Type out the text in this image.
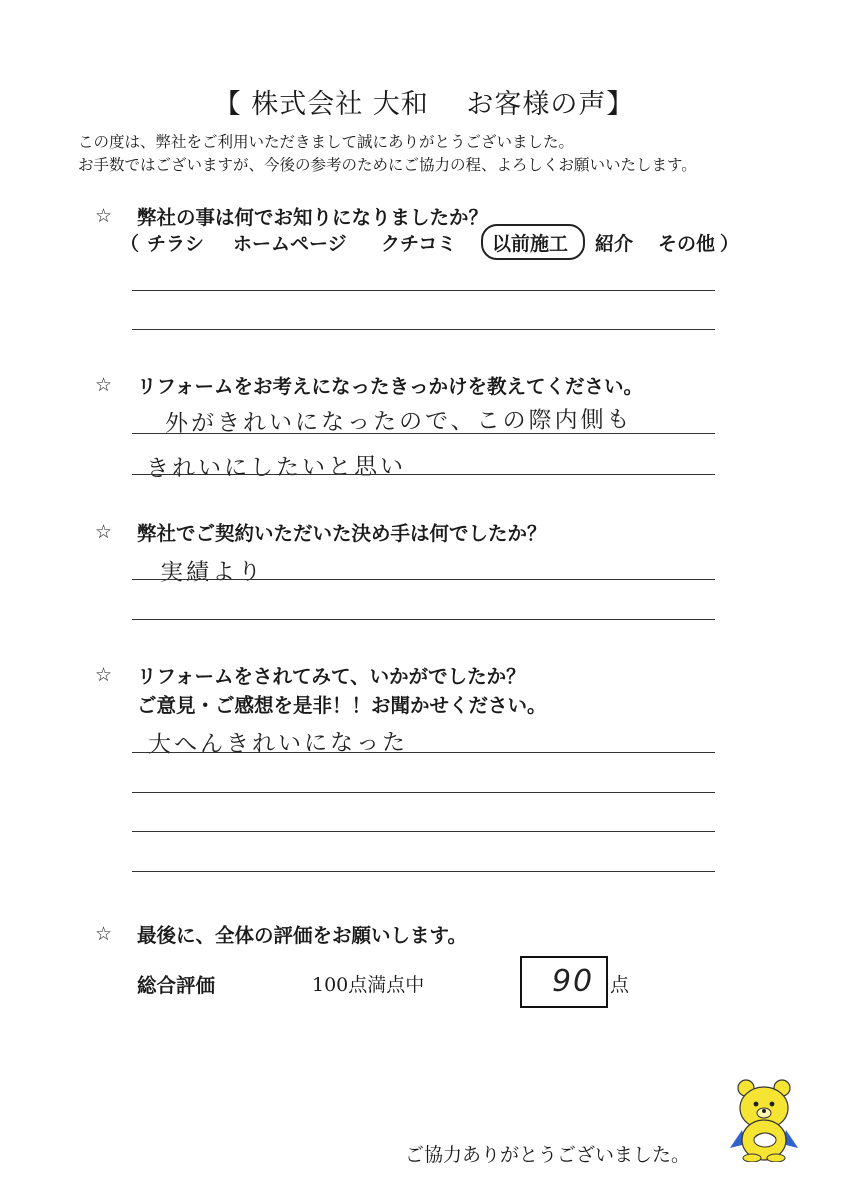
【 株式会社 大和　 お客様の声】
この度は、弊社をご利用いただきまして誠にありがとうございました。
お手数ではございますが、今後の参考のためにご協力の程、よろしくお願いいたします。
☆ 弊社の事は何でお知りになりましたか？
（ チラシ ホームページ クチコミ 以前施工 紹介 その他 ）
☆ リフォームをお考えになったきっかけを教えてください。
外がきれいになったので、この際内側も
きれいにしたいと思い
☆ 弊社でご契約いただいた決め手は何でしたか？
実績より
☆ リフォームをされてみて、いかがでしたか？
ご意見・ご感想を是非！！お聞かせください。
大へんきれいになった
☆ 最後に、全体の評価をお願いします。
総合評価	100点満点中	90 点
ご協力ありがとうございました。
